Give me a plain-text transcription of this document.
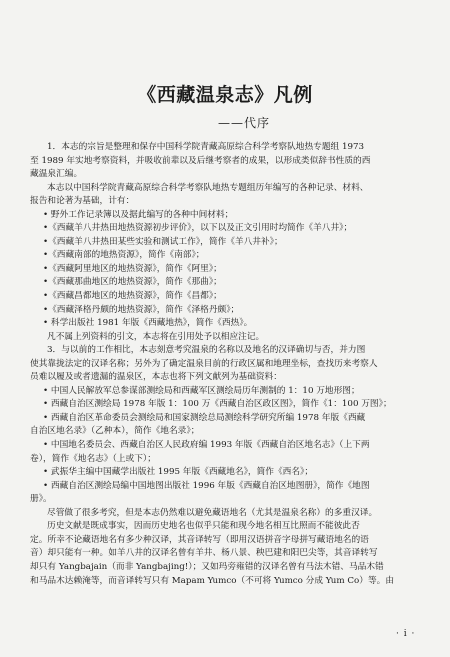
《西藏温泉志》凡例
——代序
1．本志的宗旨是整理和保存中国科学院青藏高原综合科学考察队地热专题组 1973
至 1989 年实地考察资料，并吸收前辈以及后继考察者的成果，以形成类似辞书性质的西
藏温泉汇编。
本志以中国科学院青藏高原综合科学考察队地热专题组历年编写的各种记录、材料、
报告和论著为基础，计有：
• 野外工作记录簿以及据此编写的各种中间材料；
•《西藏羊八井热田地热资源初步评价》，以下以及正文引用时均简作《羊八井》；
•《西藏羊八井热田某些实验和测试工作》，简作《羊八井补》；
•《西藏南部的地热资源》，简作《南部》；
•《西藏阿里地区的地热资源》，简作《阿里》；
•《西藏那曲地区的地热资源》，简作《那曲》；
•《西藏昌都地区的地热资源》，简作《昌都》；
•《西藏泽格丹颇的地热资源》，简作《泽格丹颇》；
• 科学出版社 1981 年版《西藏地热》，简作《西热》。
凡不属上列资料的引文，本志将在引用处予以相应注记。
3．与以前的工作相比，本志刻意考究温泉的名称以及地名的汉译确切与否，并力图
使其靠拢法定的汉译名称；另外为了确定温泉目前的行政区属和地理坐标，查找历来考察人
员难以履及或者遗漏的温泉区，本志也将下列文献列为基础资料：
• 中国人民解放军总参谋部测绘局和西藏军区测绘局历年测制的 1：10 万地形图；
• 西藏自治区测绘局 1978 年版 1：100 万《西藏自治区政区图》，简作《1：100 万图》；
• 西藏自治区革命委员会测绘局和国家测绘总局测绘科学研究所编 1978 年版《西藏
自治区地名录》（乙种本），简作《地名录》；
• 中国地名委员会、西藏自治区人民政府编 1993 年版《西藏自治区地名志》（上下两
卷），简作《地名志》（上或下）；
• 武振华主编中国藏学出版社 1995 年版《西藏地名》，简作《西名》；
• 西藏自治区测绘局编中国地图出版社 1996 年版《西藏自治区地图册》，简作《地图
册》。
尽管做了很多考究，但是本志仍然难以避免藏语地名（尤其是温泉名称）的多重汉译。
历史文献是既成事实，因而历史地名也似乎只能和现今地名相互比照而不能彼此否
定。所幸不论藏语地名有多少种汉译，其音译转写（即用汉语拼音字母拼写藏语地名的语
音）却只能有一种。如羊八井的汉译名曾有羊井、杨八景、秧巴建和阳巴尖等，其音译转写
却只有 Yangbajain（而非 Yangbajing!）；又如玛旁雍错的汉译名曾有马法木错、马品木错
和马品木达赖淹等，而音译转写只有 Mapam Yumco（不可将 Yumco 分成 Yum Co）等。由
· i ·
